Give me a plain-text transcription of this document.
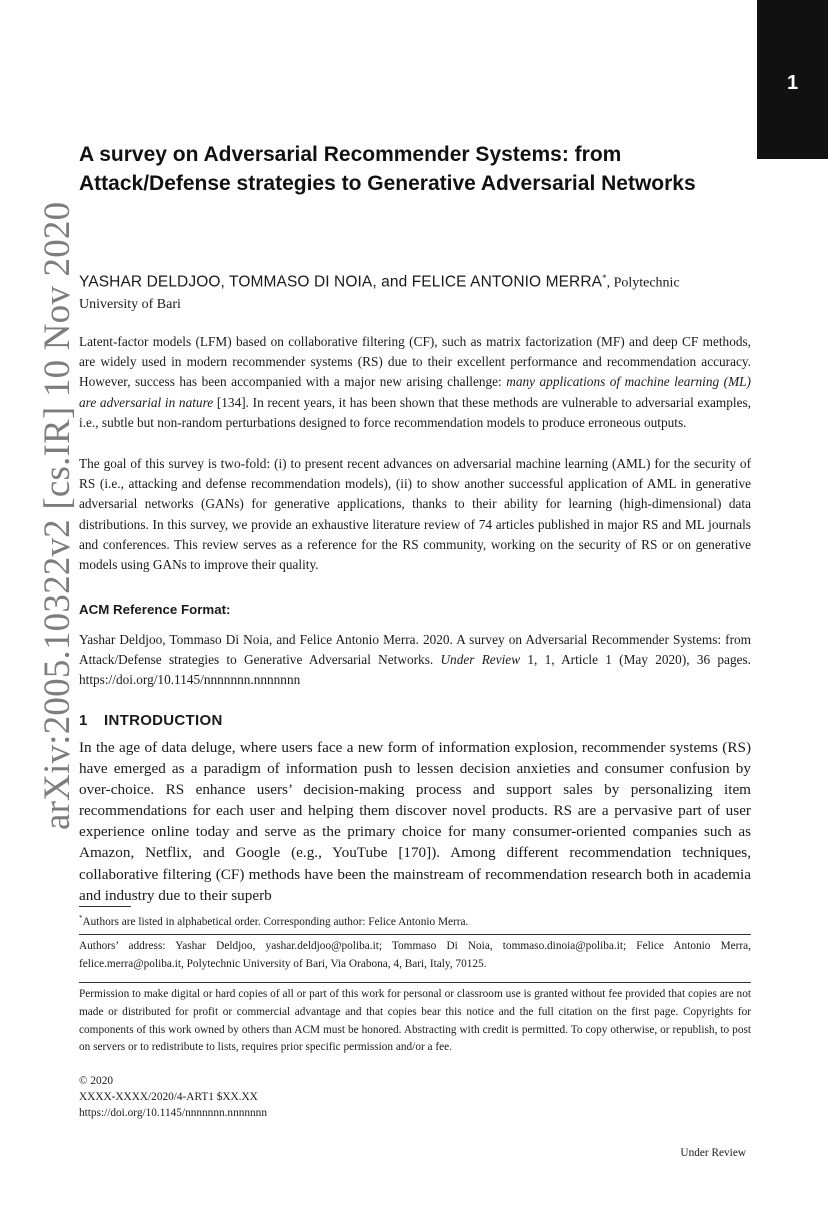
1
arXiv:2005.10322v2 [cs.IR] 10 Nov 2020
A survey on Adversarial Recommender Systems: from Attack/Defense strategies to Generative Adversarial Networks
YASHAR DELDJOO, TOMMASO DI NOIA, and FELICE ANTONIO MERRA*, Polytechnic
University of Bari

Latent-factor models (LFM) based on collaborative filtering (CF), such as matrix factorization (MF) and deep CF methods, are widely used in modern recommender systems (RS) due to their excellent performance and recommendation accuracy. However, success has been accompanied with a major new arising challenge: many applications of machine learning (ML) are adversarial in nature [134]. In recent years, it has been shown that these methods are vulnerable to adversarial examples, i.e., subtle but non-random perturbations designed to force recommendation models to produce erroneous outputs.

The goal of this survey is two-fold: (i) to present recent advances on adversarial machine learning (AML) for the security of RS (i.e., attacking and defense recommendation models), (ii) to show another successful application of AML in generative adversarial networks (GANs) for generative applications, thanks to their ability for learning (high-dimensional) data distributions. In this survey, we provide an exhaustive literature review of 74 articles published in major RS and ML journals and conferences. This review serves as a reference for the RS community, working on the security of RS or on generative models using GANs to improve their quality.

ACM Reference Format:

Yashar Deldjoo, Tommaso Di Noia, and Felice Antonio Merra. 2020. A survey on Adversarial Recommender Systems: from Attack/Defense strategies to Generative Adversarial Networks. Under Review 1, 1, Article 1 (May 2020), 36 pages. https://doi.org/10.1145/nnnnnnn.nnnnnnn

1 INTRODUCTION

In the age of data deluge, where users face a new form of information explosion, recommender systems (RS) have emerged as a paradigm of information push to lessen decision anxieties and consumer confusion by over-choice. RS enhance users’ decision-making process and support sales by personalizing item recommendations for each user and helping them discover novel products. RS are a pervasive part of user experience online today and serve as the primary choice for many consumer-oriented companies such as Amazon, Netflix, and Google (e.g., YouTube [170]). Among different recommendation techniques, collaborative filtering (CF) methods have been the mainstream of recommendation research both in academia and industry due to their superb

*Authors are listed in alphabetical order. Corresponding author: Felice Antonio Merra.

Authors’ address: Yashar Deldjoo, yashar.deldjoo@poliba.it; Tommaso Di Noia, tommaso.dinoia@poliba.it; Felice Antonio Merra, felice.merra@poliba.it, Polytechnic University of Bari, Via Orabona, 4, Bari, Italy, 70125.

Permission to make digital or hard copies of all or part of this work for personal or classroom use is granted without fee provided that copies are not made or distributed for profit or commercial advantage and that copies bear this notice and the full citation on the first page. Copyrights for components of this work owned by others than ACM must be honored. Abstracting with credit is permitted. To copy otherwise, or republish, to post on servers or to redistribute to lists, requires prior specific permission and/or a fee.

© 2020
XXXX-XXXX/2020/4-ART1 $XX.XX
https://doi.org/10.1145/nnnnnnn.nnnnnnn
Under Review
